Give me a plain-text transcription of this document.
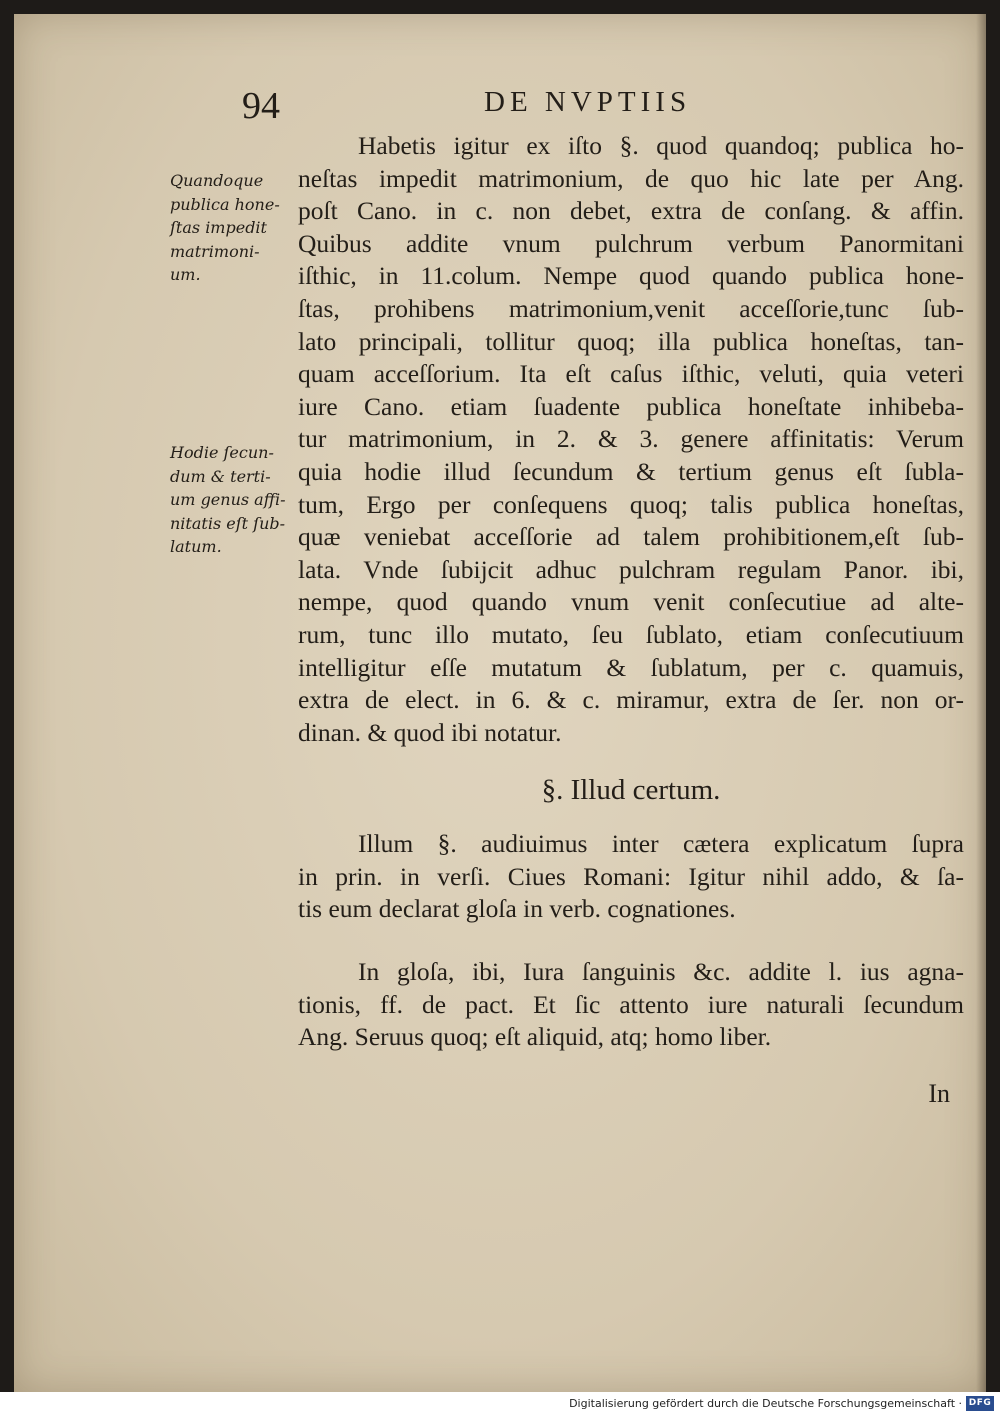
94	DE NVPTIIS
Quandoque
publica hone-
ſtas impedit
matrimoni-
um.
Hodie ſecun-
dum & terti-
um genus affi-
nitatis eſt ſub-
latum.
Habetis igitur ex iſto §. quod quandoq; publica ho-
neſtas impedit matrimonium, de quo hic late per Ang.
poſt Cano. in c. non debet, extra de conſang. & affin.
Quibus addite vnum pulchrum verbum Panormitani
iſthic, in 11.colum. Nempe quod quando publica hone-
ſtas, prohibens matrimonium,venit acceſſorie,tunc ſub-
lato principali, tollitur quoq; illa publica honeſtas, tan-
quam acceſſorium. Ita eſt caſus iſthic, veluti, quia veteri
iure Cano. etiam ſuadente publica honeſtate inhibeba-
tur matrimonium, in 2. & 3. genere affinitatis: Verum
quia hodie illud ſecundum & tertium genus eſt ſubla-
tum, Ergo per conſequens quoq; talis publica honeſtas,
quæ veniebat acceſſorie ad talem prohibitionem,eſt ſub-
lata. Vnde ſubijcit adhuc pulchram regulam Panor. ibi,
nempe, quod quando vnum venit conſecutiue ad alte-
rum, tunc illo mutato, ſeu ſublato, etiam conſecutiuum
intelligitur eſſe mutatum & ſublatum, per c. quamuis,
extra de elect. in 6. & c. miramur, extra de ſer. non or-
dinan. & quod ibi notatur.
§. Illud certum.
Illum §. audiuimus inter cætera explicatum ſupra
in prin. in verſi. Ciues Romani: Igitur nihil addo, & ſa-
tis eum declarat gloſa in verb. cognationes.
In gloſa, ibi, Iura ſanguinis &c. addite l. ius agna-
tionis, ff. de pact. Et ſic attento iure naturali ſecundum
Ang. Seruus quoq; eſt aliquid, atq; homo liber.
In
Digitalisierung gefördert durch die Deutsche Forschungsgemeinschaft · DFG
